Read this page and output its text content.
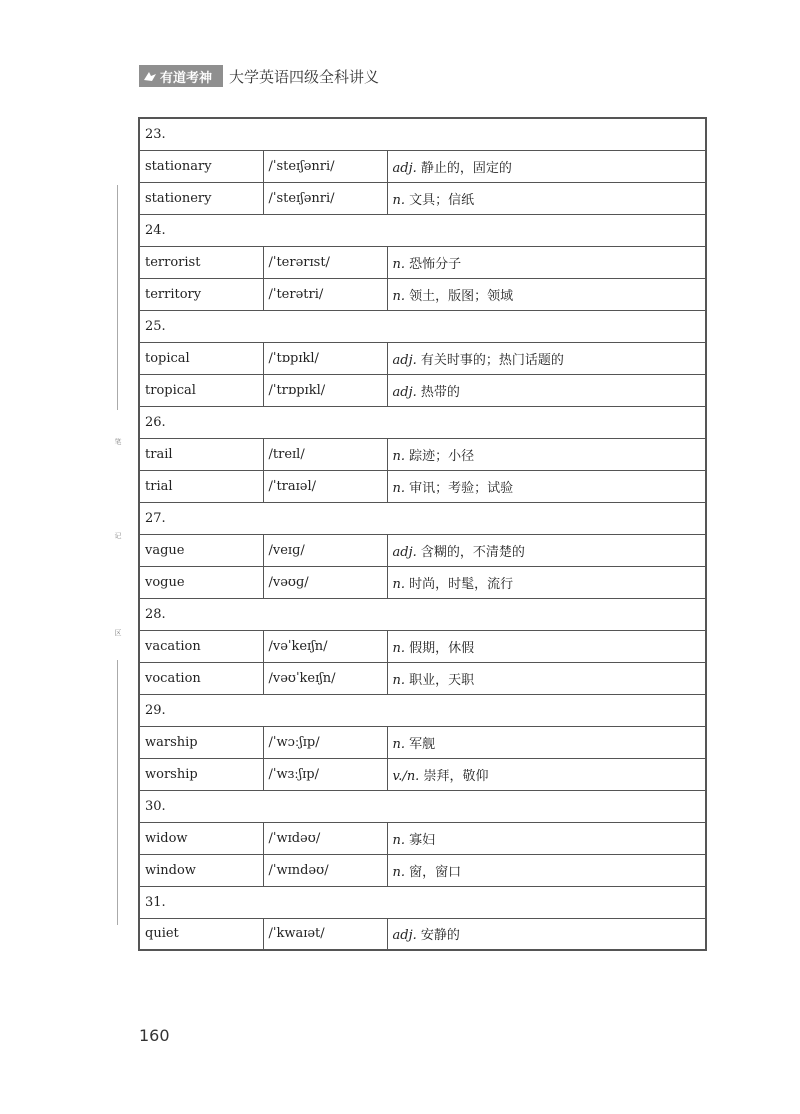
有道考神 大学英语四级全科讲义
笔
记
区
23.		
stationary	/ˈsteɪʃənri/	adj. 静止的，固定的
stationery	/ˈsteɪʃənri/	n. 文具；信纸
24.		
terrorist	/ˈterərɪst/	n. 恐怖分子
territory	/ˈterətri/	n. 领土，版图；领域
25.		
topical	/ˈtɒpɪkl/	adj. 有关时事的；热门话题的
tropical	/ˈtrɒpɪkl/	adj. 热带的
26.		
trail	/treɪl/	n. 踪迹；小径
trial	/ˈtraɪəl/	n. 审讯；考验；试验
27.		
vague	/veɪɡ/	adj. 含糊的，不清楚的
vogue	/vəʊɡ/	n. 时尚，时髦，流行
28.		
vacation	/vəˈkeɪʃn/	n. 假期，休假
vocation	/vəʊˈkeɪʃn/	n. 职业，天职
29.		
warship	/ˈwɔːʃɪp/	n. 军舰
worship	/ˈwɜːʃɪp/	v./n. 崇拜，敬仰
30.		
widow	/ˈwɪdəʊ/	n. 寡妇
window	/ˈwɪndəʊ/	n. 窗，窗口
31.		
quiet	/ˈkwaɪət/	adj. 安静的
160
